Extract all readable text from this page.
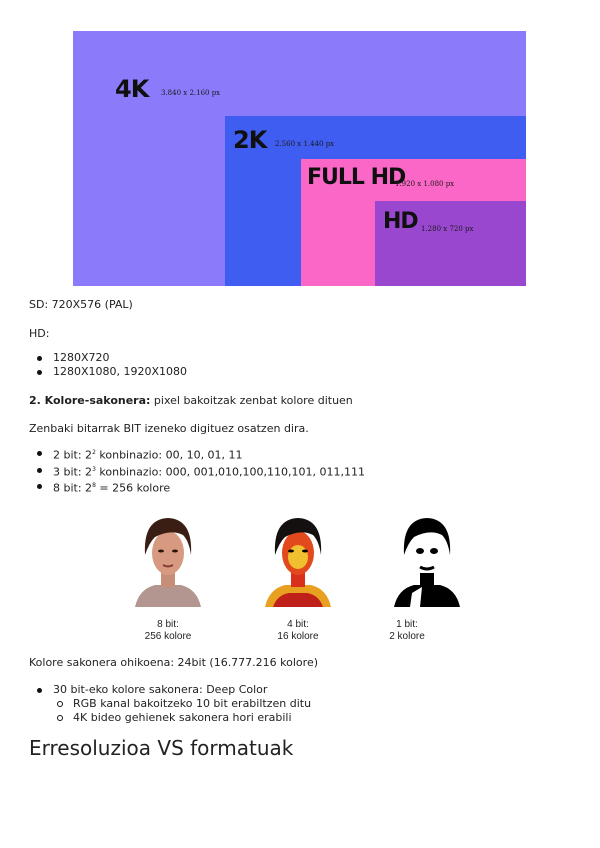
4K 3.840 x 2.160 px
2K 2.560 x 1.440 px
FULL HD
1.920 x 1.080 px
HD 1.280 x 720 px
SD: 720X576 (PAL)
HD:
1280X720
1280X1080, 1920X1080
2. Kolore-sakonera: pixel bakoitzak zenbat kolore dituen
Zenbaki bitarrak BIT izeneko digituez osatzen dira.
2 bit: $2^2$ konbinazio: 00, 10, 01, 11
3 bit: $2^3$ konbinazio: 000, 001,010,100,110,101, 011,111
8 bit: $2^8 = 256$ kolore
8 bit:
256 kolore
4 bit:
16 kolore
1 bit:
2 kolore
Kolore sakonera ohikoena: 24bit (16.777.216 kolore)
30 bit-eko kolore sakonera: Deep Color
RGB kanal bakoitzeko 10 bit erabiltzen ditu
4K bideo gehienek sakonera hori erabili
Erresoluzioa VS formatuak
